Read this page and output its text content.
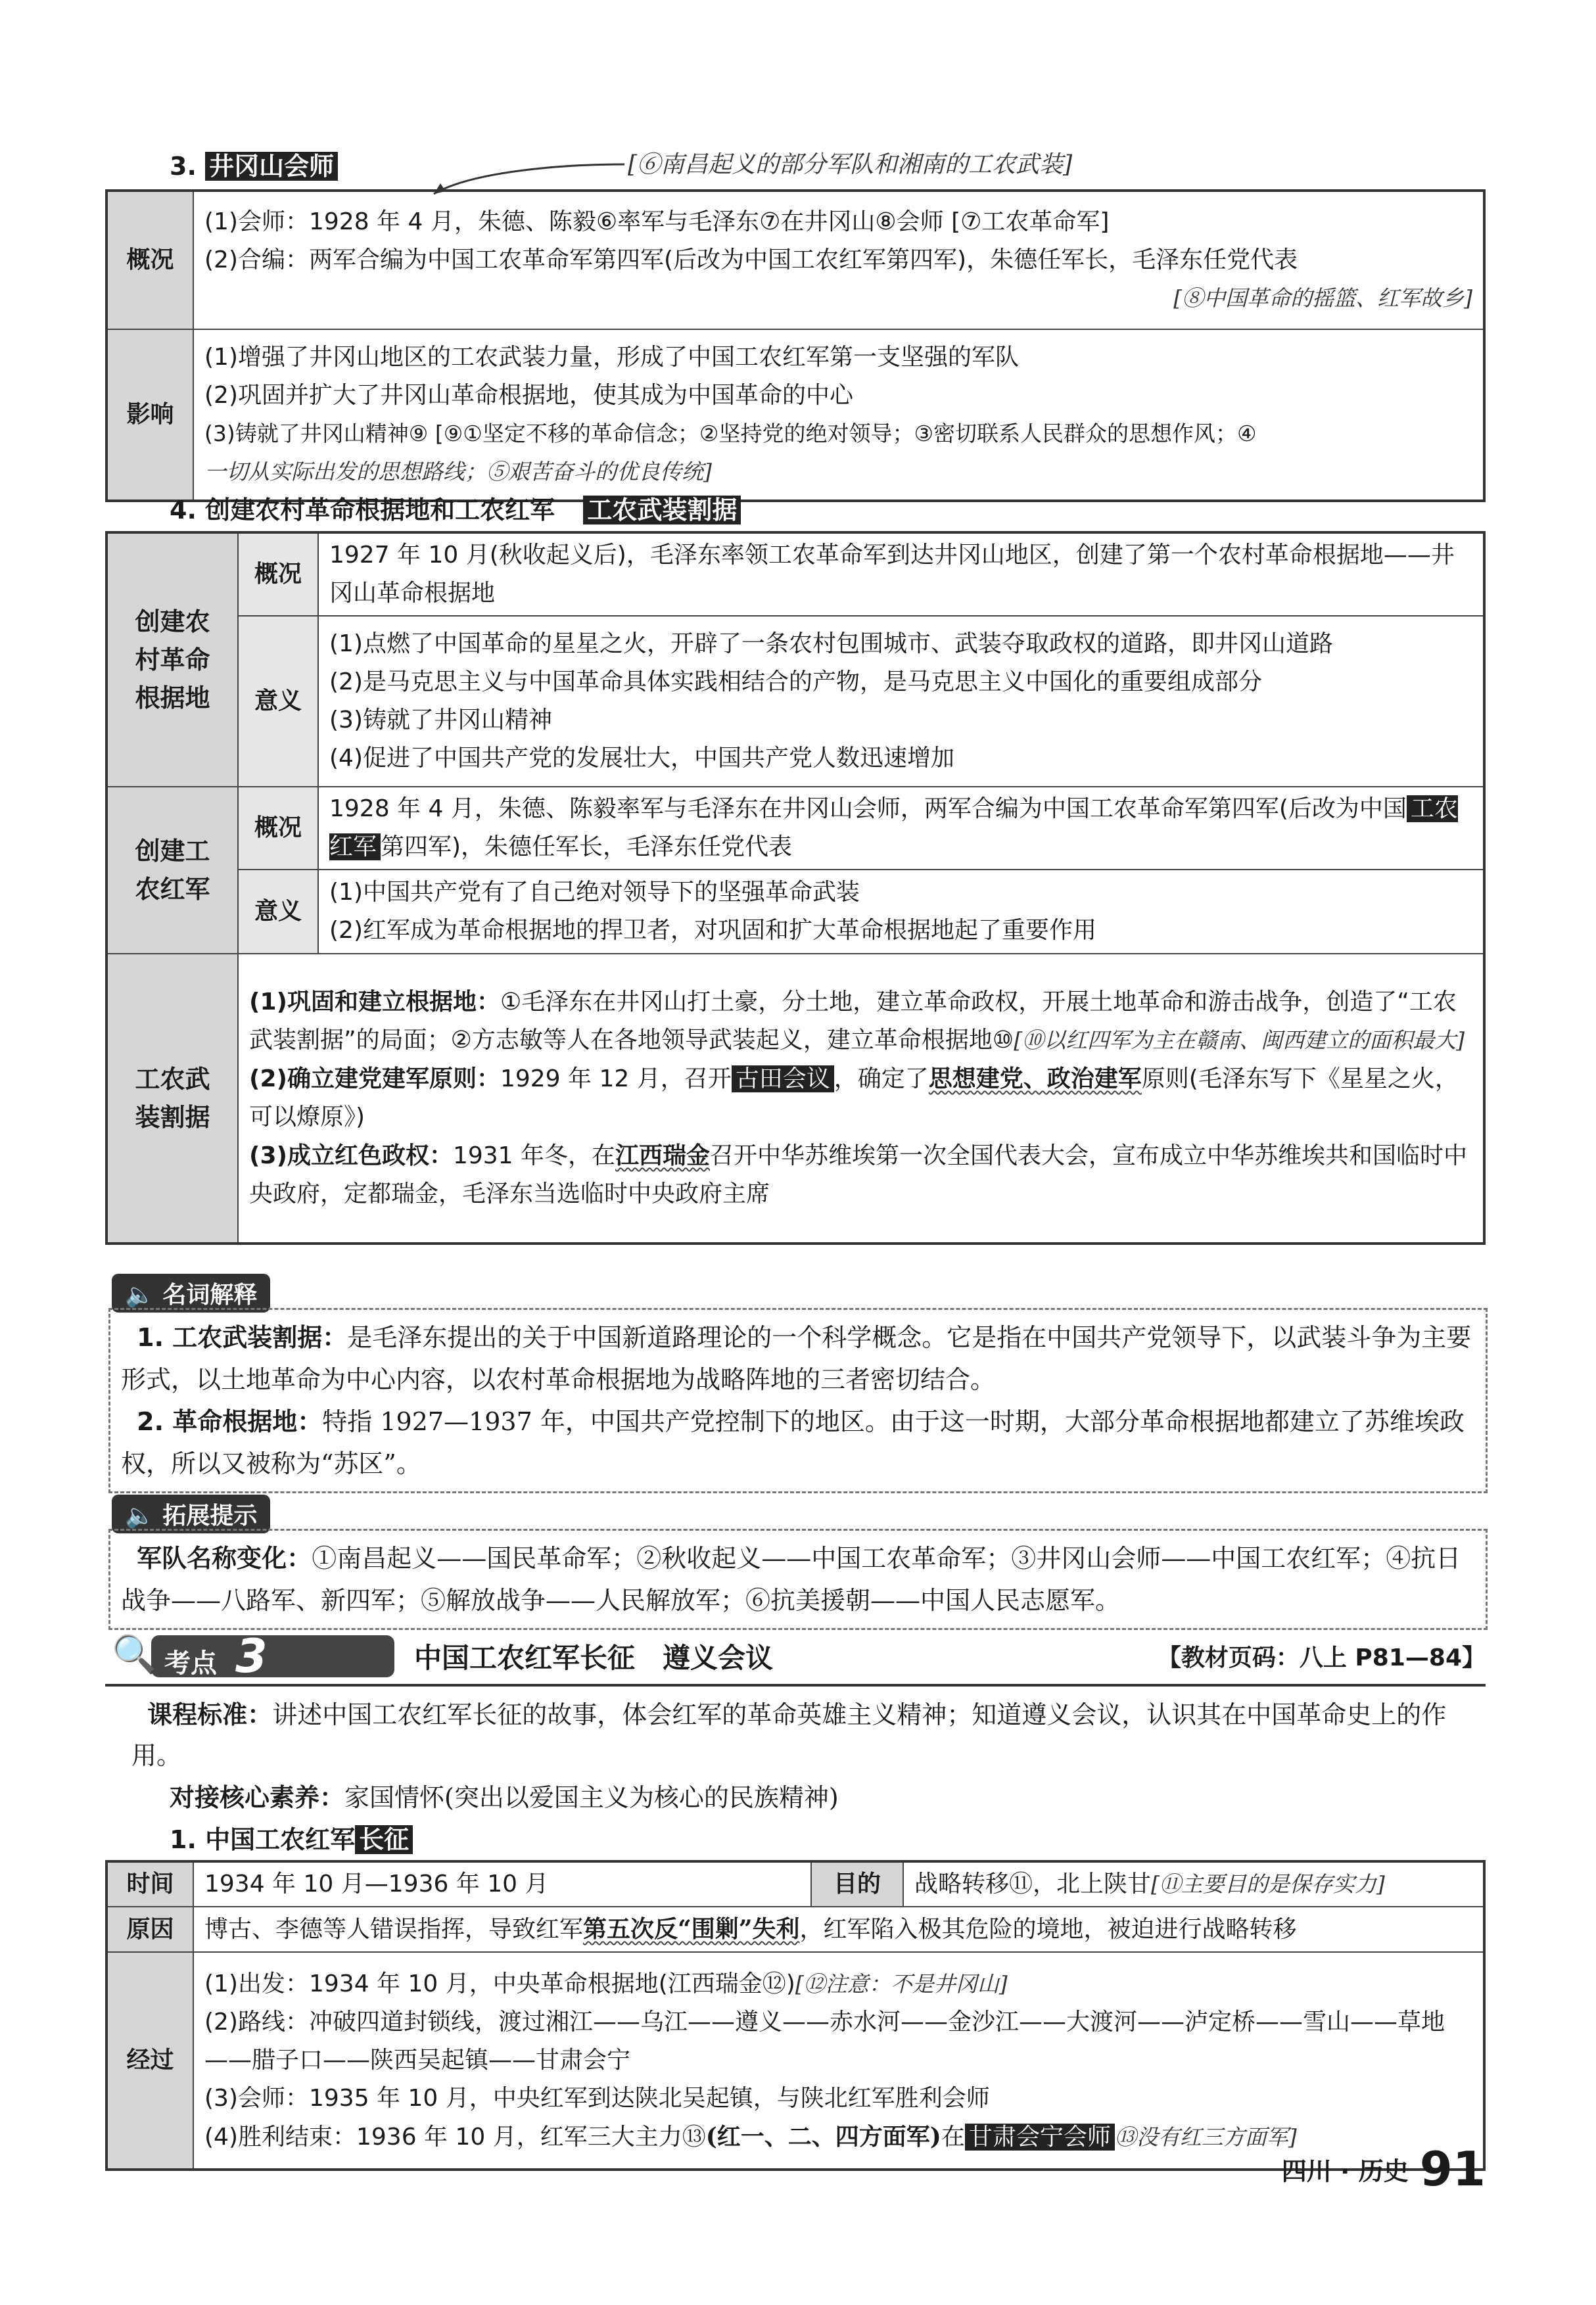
3. 井冈山会师	[⑥南昌起义的部分军队和湘南的工农武装]
概况	(1)会师：1928 年 4 月，朱德、陈毅⑥率军与毛泽东⑦在井冈山⑧会师 [⑦工农革命军]
(2)合编：两军合编为中国工农革命军第四军(后改为中国工农红军第四军)，朱德任军长，毛泽东任党代表
[⑧中国革命的摇篮、红军故乡]

影响	(1)增强了井冈山地区的工农武装力量，形成了中国工农红军第一支坚强的军队
(2)巩固并扩大了井冈山革命根据地，使其成为中国革命的中心
(3)铸就了井冈山精神⑨ [⑨①坚定不移的革命信念；②坚持党的绝对领导；③密切联系人民群众的思想作风；④
一切从实际出发的思想路线；⑤艰苦奋斗的优良传统]
4. 创建农村革命根据地和工农红军 工农武装割据
创建农村革命根据地	概况	1927 年 10 月(秋收起义后)，毛泽东率领工农革命军到达井冈山地区，创建了第一个农村革命根据地——井冈山革命根据地
	意义	(1)点燃了中国革命的星星之火，开辟了一条农村包围城市、武装夺取政权的道路，即井冈山道路
(2)是马克思主义与中国革命具体实践相结合的产物，是马克思主义中国化的重要组成部分
(3)铸就了井冈山精神
(4)促进了中国共产党的发展壮大，中国共产党人数迅速增加

创建工农红军	概况	1928 年 4 月，朱德、陈毅率军与毛泽东在井冈山会师，两军合编为中国工农革命军第四军(后改为中国 工农红军 第四军)，朱德任军长，毛泽东任党代表
	意义	(1)中国共产党有了自己绝对领导下的坚强革命武装
(2)红军成为革命根据地的捍卫者，对巩固和扩大革命根据地起了重要作用

工农武装割据	(1)巩固和建立根据地：①毛泽东在井冈山打土豪，分土地，建立革命政权，开展土地革命和游击战争，创造了“工农武装割据”的局面；②方志敏等人在各地领导武装起义，建立革命根据地⑩[⑩以红四军为主在赣南、闽西建立的面积最大]
(2)确立建党建军原则：1929 年 12 月，召开 古田会议 ，确定了思想建党、政治建军原则(毛泽东写下《星星之火，可以燎原》)
(3)成立红色政权：1931 年冬，在江西瑞金召开中华苏维埃第一次全国代表大会，宣布成立中华苏维埃共和国临时中央政府，定都瑞金，毛泽东当选临时中央政府主席	
🔈 名词解释
1. 工农武装割据：是毛泽东提出的关于中国新道路理论的一个科学概念。它是指在中国共产党领导下，以武装斗争为主要形式，以土地革命为中心内容，以农村革命根据地为战略阵地的三者密切结合。
2. 革命根据地：特指 1927—1937 年，中国共产党控制下的地区。由于这一时期，大部分革命根据地都建立了苏维埃政权，所以又被称为“苏区”。
🔈 拓展提示
军队名称变化：①南昌起义——国民革命军；②秋收起义——中国工农革命军；③井冈山会师——中国工农红军；④抗日战争——八路军、新四军；⑤解放战争——人民解放军；⑥抗美援朝——中国人民志愿军。
🔍 考点 3	中国工农红军长征　遵义会议	【教材页码：八上 P81—84】
课程标准：讲述中国工农红军长征的故事，体会红军的革命英雄主义精神；知道遵义会议，认识其在中国革命史上的作用。
对接核心素养：家国情怀(突出以爱国主义为核心的民族精神)
1. 中国工农红军 长征
时间	1934 年 10 月—1936 年 10 月	目的	战略转移⑪，北上陕甘[⑪主要目的是保存实力]
原因	博古、李德等人错误指挥，导致红军第五次反“围剿”失利，红军陷入极其危险的境地，被迫进行战略转移		
经过	(1)出发：1934 年 10 月，中央革命根据地(江西瑞金⑫)[⑫注意：不是井冈山]
(2)路线：冲破四道封锁线，渡过湘江——乌江——遵义——赤水河——金沙江——大渡河——泸定桥——雪山——草地——腊子口——陕西吴起镇——甘肃会宁
(3)会师：1935 年 10 月，中央红军到达陕北吴起镇，与陕北红军胜利会师
(4)胜利结束：1936 年 10 月，红军三大主力⑬(红一、二、四方面军)在 甘肃会宁会师 ⑬没有红三方面军]		
四川 · 历史 91
